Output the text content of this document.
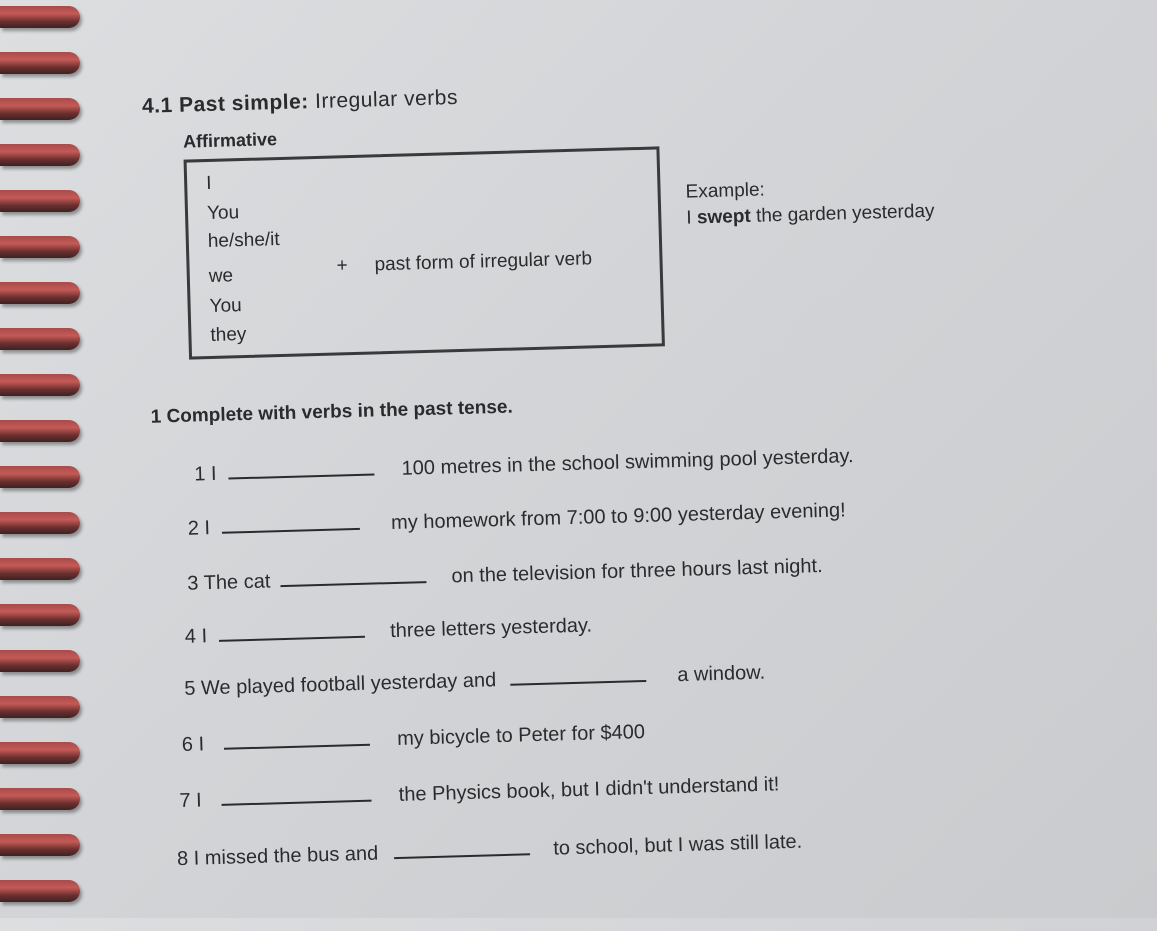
4.1 Past simple: Irregular verbs
Affirmative
I
You
he/she/it
we
You
they
+ past form of irregular verb
Example:
I swept the garden yesterday
1 Complete with verbs in the past tense.
1 I	100 metres in the school swimming pool yesterday.
2 I	my homework from 7:00 to 9:00 yesterday evening!
3 The cat	on the television for three hours last night.
4 I	three letters yesterday.
5 We played football yesterday and	a window.
6 I	my bicycle to Peter for $400
7 I	the Physics book, but I didn't understand it!
8 I missed the bus and	to school, but I was still late.
